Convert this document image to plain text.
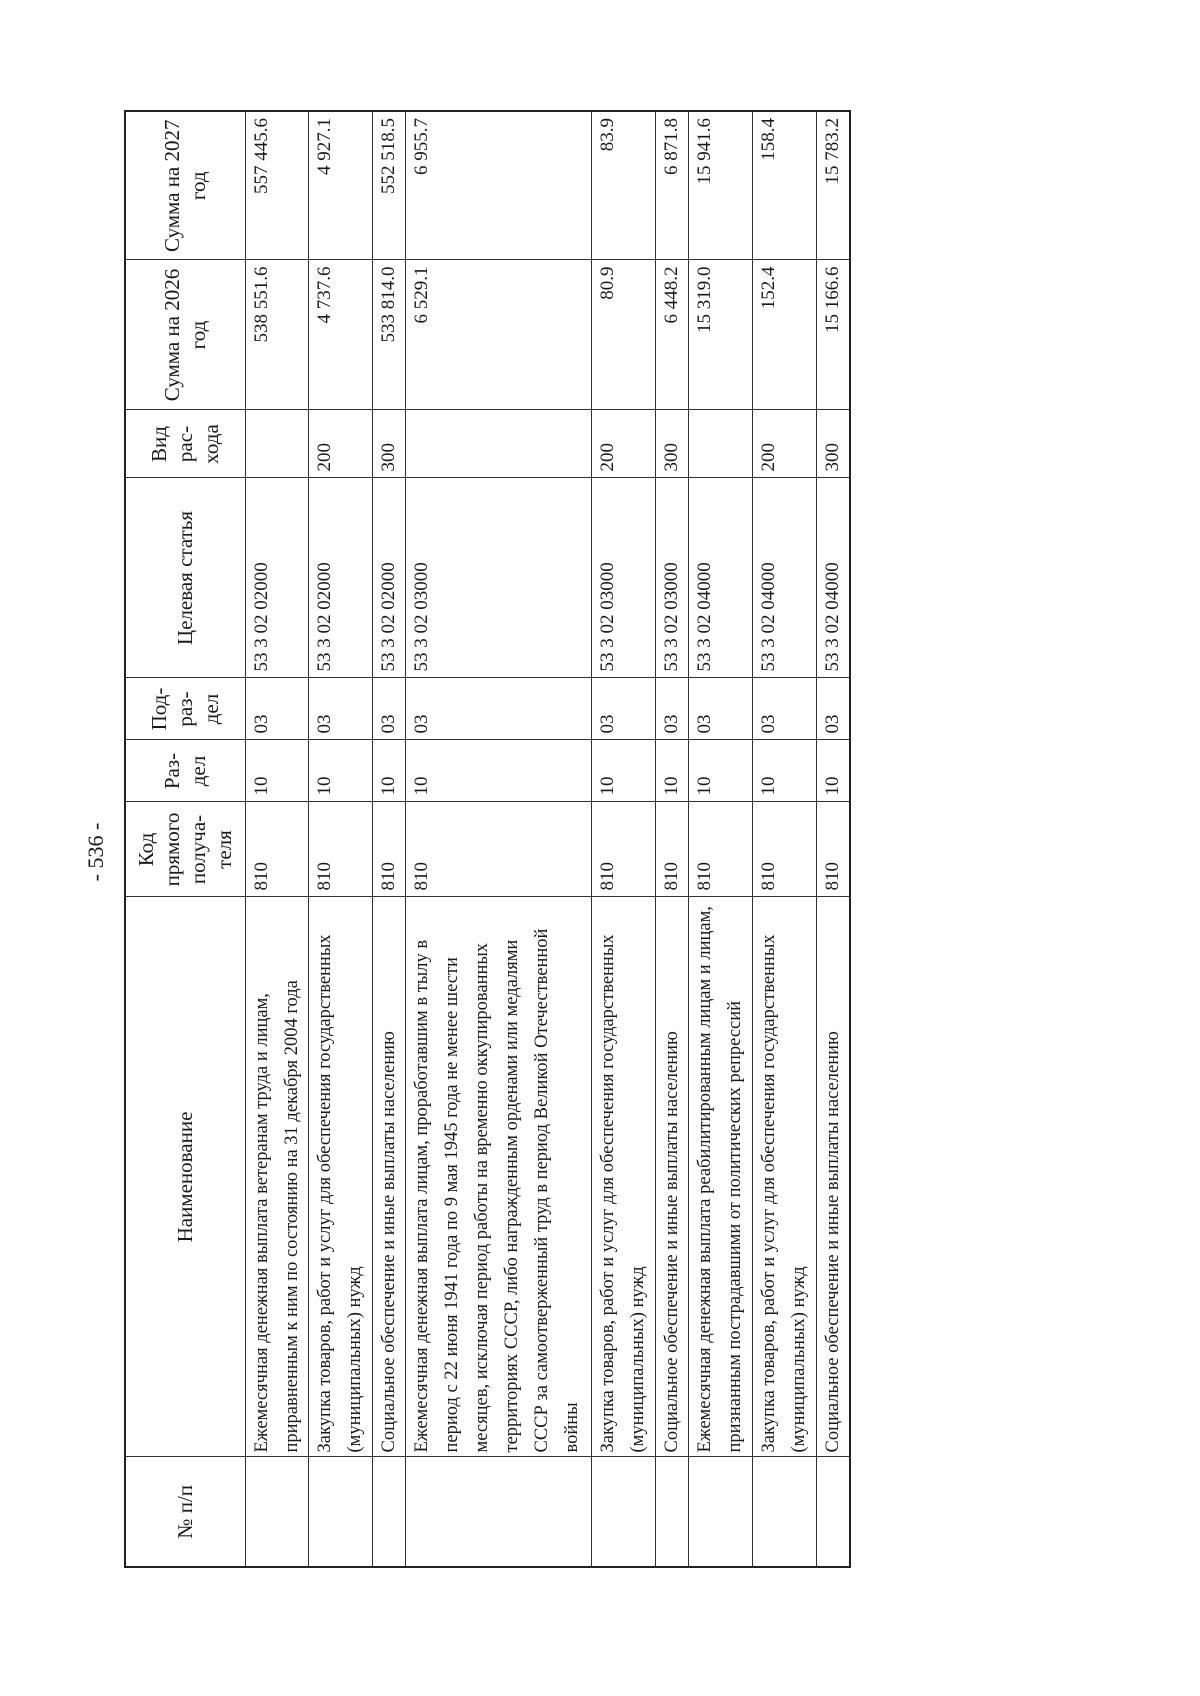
- 536 -
№ п/п	Наименование	Код прямого получа-теля	Раз-дел	Под-раз-дел	Целевая статья	Вид рас-хода	Сумма на 2026 год	Сумма на 2027 год
	Ежемесячная денежная выплата ветеранам труда и лицам, приравненным к ним по состоянию на 31 декабря 2004 года	810	10	03	53 3 02 02000		538 551.6	557 445.6
	Закупка товаров, работ и услуг для обеспечения государственных (муниципальных) нужд	810	10	03	53 3 02 02000	200	4 737.6	4 927.1
	Социальное обеспечение и иные выплаты населению	810	10	03	53 3 02 02000	300	533 814.0	552 518.5
	Ежемесячная денежная выплата лицам, проработавшим в тылу в период с 22 июня 1941 года по 9 мая 1945 года не менее шести месяцев, исключая период работы на временно оккупированных территориях СССР, либо награжденным орденами или медалями СССР за самоотверженный труд в период Великой Отечественной войны	810	10	03	53 3 02 03000		6 529.1	6 955.7
	Закупка товаров, работ и услуг для обеспечения государственных (муниципальных) нужд	810	10	03	53 3 02 03000	200	80.9	83.9
	Социальное обеспечение и иные выплаты населению	810	10	03	53 3 02 03000	300	6 448.2	6 871.8
	Ежемесячная денежная выплата реабилитированным лицам и лицам, признанным пострадавшими от политических репрессий	810	10	03	53 3 02 04000		15 319.0	15 941.6
	Закупка товаров, работ и услуг для обеспечения государственных (муниципальных) нужд	810	10	03	53 3 02 04000	200	152.4	158.4
	Социальное обеспечение и иные выплаты населению	810	10	03	53 3 02 04000	300	15 166.6	15 783.2
